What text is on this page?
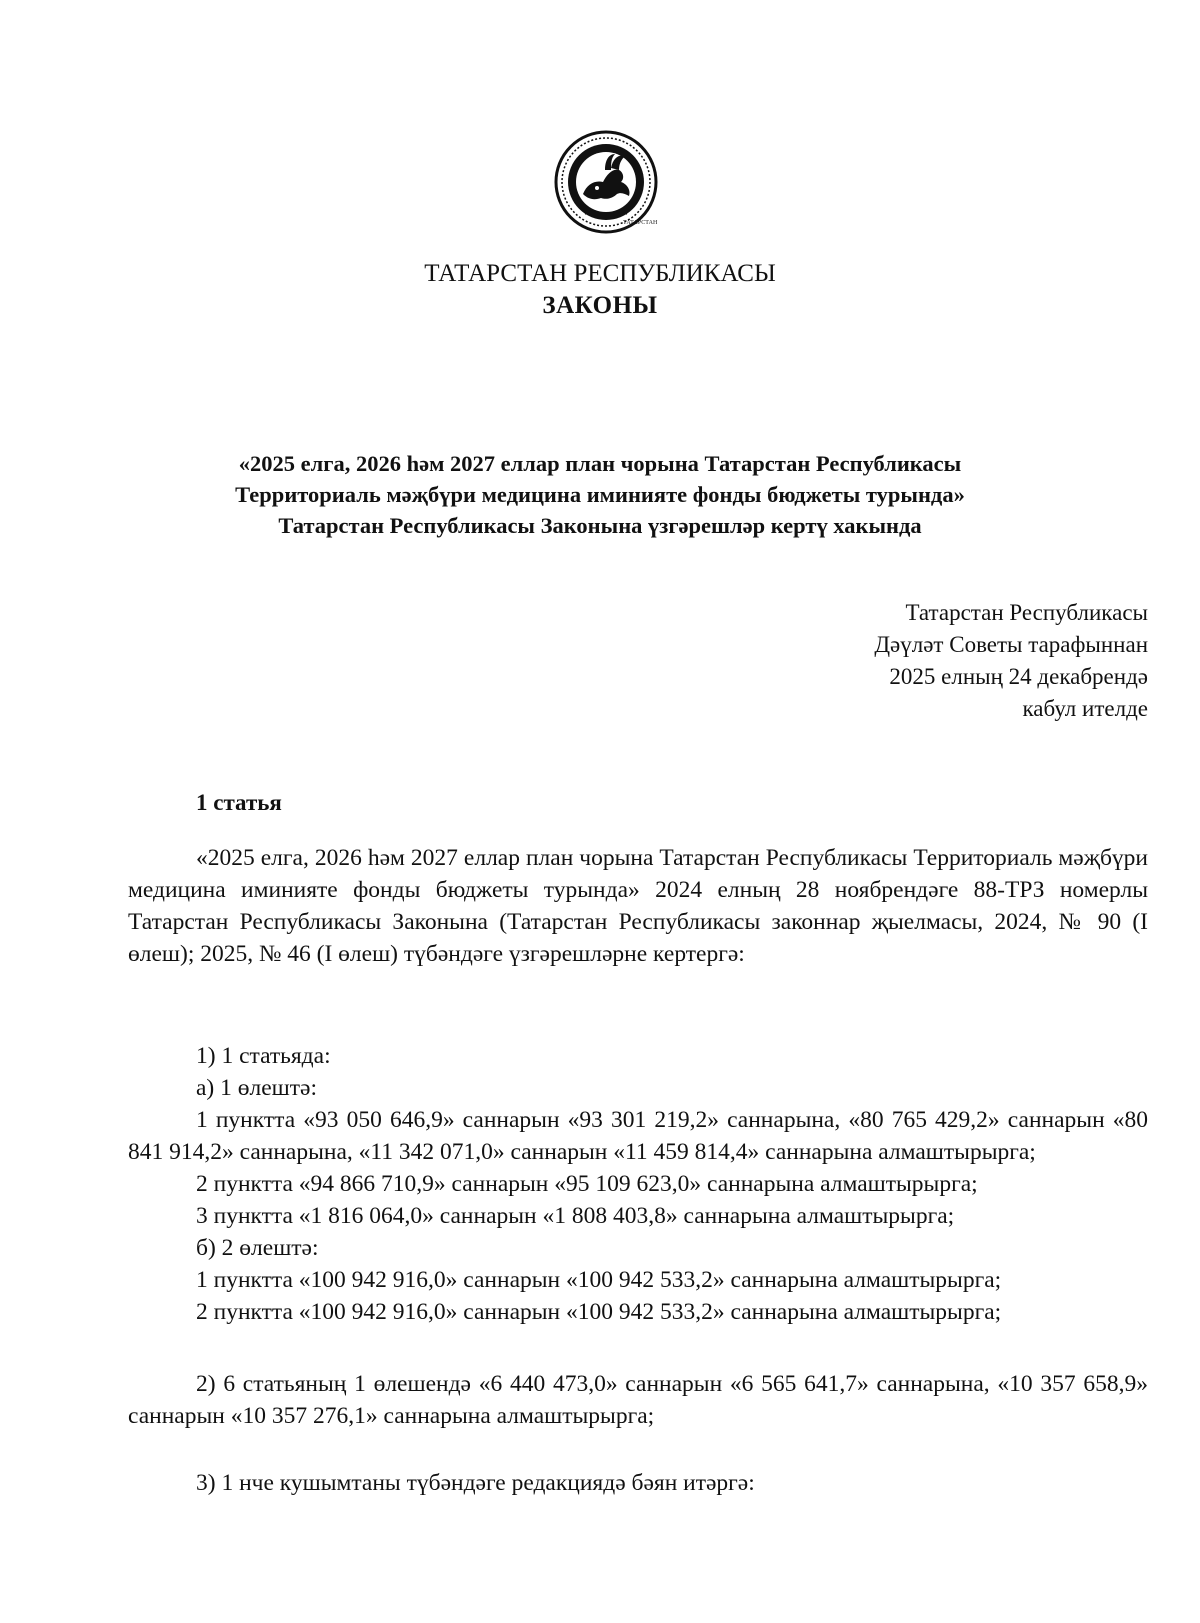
ТАТАРСТАН
ТАТАРСТАН РЕСПУБЛИКАСЫ
ЗАКОНЫ
«2025 елга, 2026 һәм 2027 еллар план чорына Татарстан Республикасы
Территориаль мәҗбүри медицина иминияте фонды бюджеты турында»
Татарстан Республикасы Законына үзгәрешләр кертү хакында
Татарстан Республикасы
Дәүләт Советы тарафыннан
2025 елның 24 декабрендә
кабул ителде
1 статья

«2025 елга, 2026 һәм 2027 еллар план чорына Татарстан Республикасы Территориаль мәҗбүри медицина иминияте фонды бюджеты турында» 2024 елның 28 ноябрендәге 88-ТРЗ номерлы Татарстан Республикасы Законына (Татарстан Республикасы законнар җыелмасы, 2024, № 90 (I өлеш); 2025, № 46 (I өлеш) түбәндәге үзгәрешләрне кертергә:

1) 1 статьяда:

а) 1 өлештә:

1 пунктта «93 050 646,9» саннарын «93 301 219,2» саннарына, «80 765 429,2» саннарын «80 841 914,2» саннарына, «11 342 071,0» саннарын «11 459 814,4» саннарына алмаштырырга;

2 пунктта «94 866 710,9» саннарын «95 109 623,0» саннарына алмаштырырга;

3 пунктта «1 816 064,0» саннарын «1 808 403,8» саннарына алмаштырырга;

б) 2 өлештә:

1 пунктта «100 942 916,0» саннарын «100 942 533,2» саннарына алмаштырырга;

2 пунктта «100 942 916,0» саннарын «100 942 533,2» саннарына алмаштырырга;

2) 6 статьяның 1 өлешендә «6 440 473,0» саннарын «6 565 641,7» саннарына, «10 357 658,9» саннарын «10 357 276,1» саннарына алмаштырырга;

3) 1 нче кушымтаны түбәндәге редакциядә бәян итәргә:
